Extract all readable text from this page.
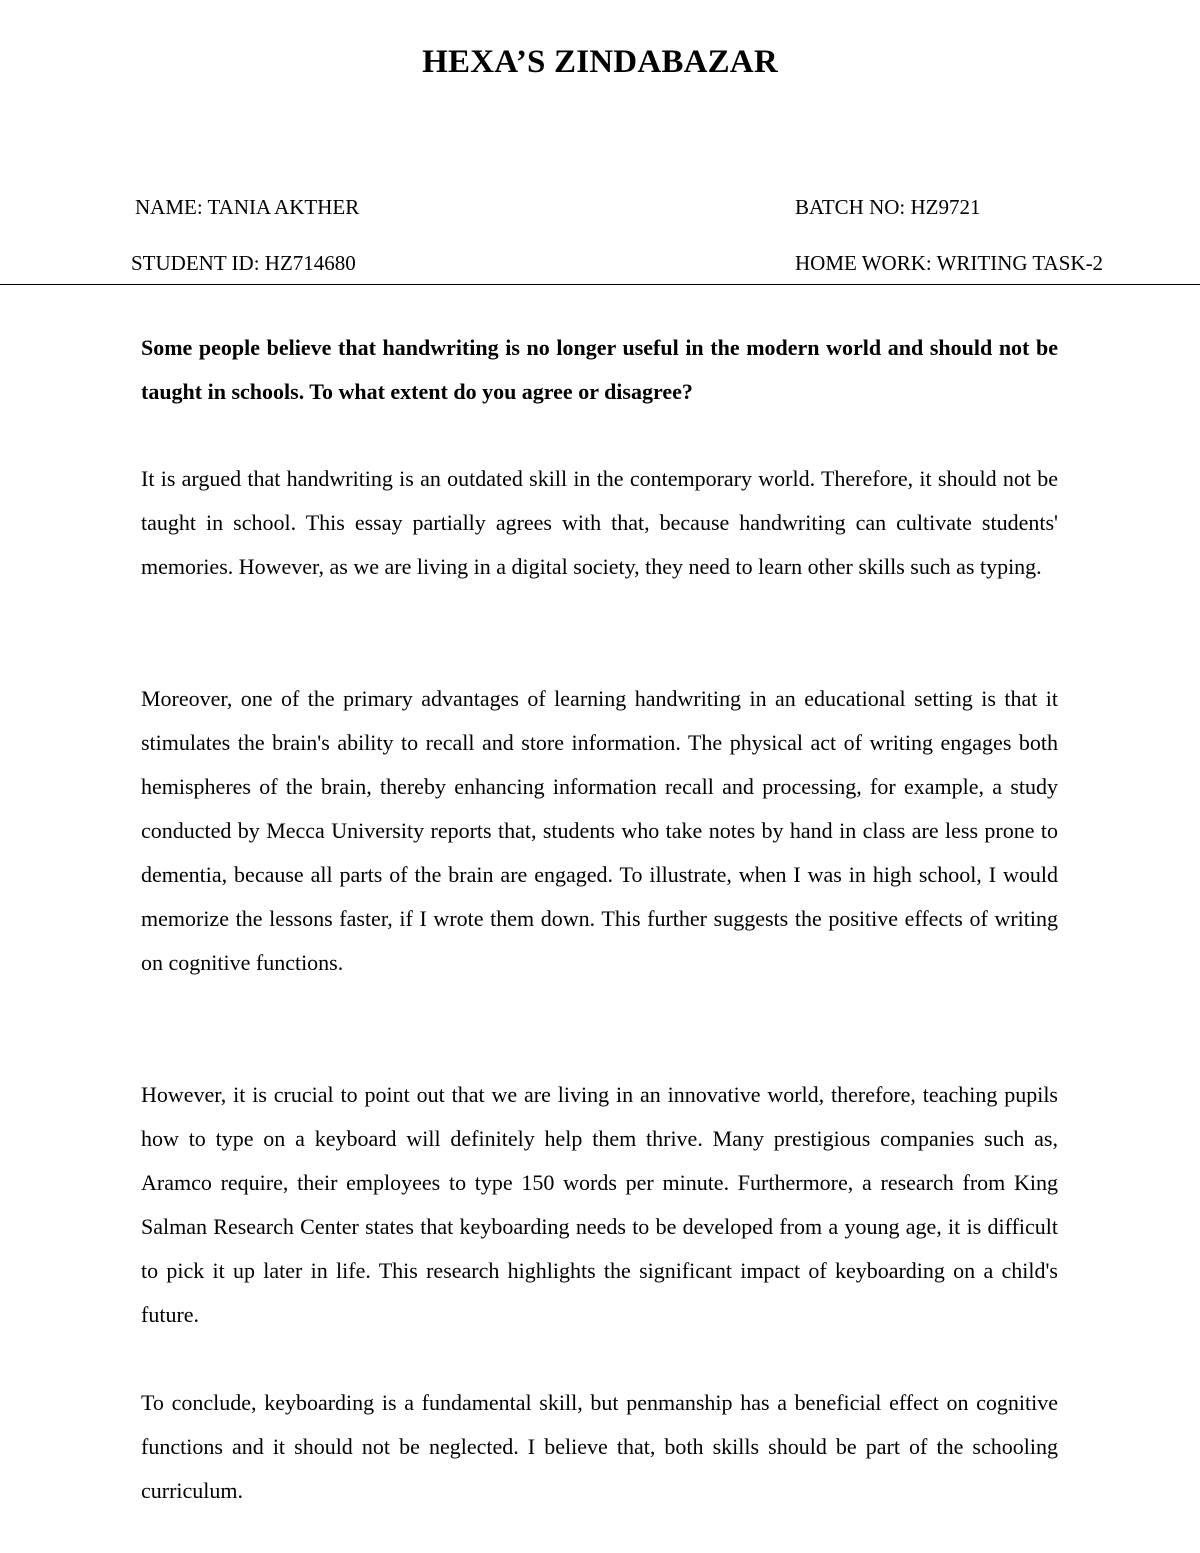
HEXA’S ZINDABAZAR
NAME: TANIA AKTHER	BATCH NO: HZ9721
STUDENT ID: HZ714680	HOME WORK: WRITING TASK-2
Some people believe that handwriting is no longer useful in the modern world and should not be taught in schools. To what extent do you agree or disagree?
It is argued that handwriting is an outdated skill in the contemporary world. Therefore, it should not be taught in school. This essay partially agrees with that, because handwriting can cultivate students' memories. However, as we are living in a digital society, they need to learn other skills such as typing.
Moreover, one of the primary advantages of learning handwriting in an educational setting is that it stimulates the brain's ability to recall and store information. The physical act of writing engages both hemispheres of the brain, thereby enhancing information recall and processing, for example, a study conducted by Mecca University reports that, students who take notes by hand in class are less prone to dementia, because all parts of the brain are engaged. To illustrate, when I was in high school, I would memorize the lessons faster, if I wrote them down. This further suggests the positive effects of writing on cognitive functions.
However, it is crucial to point out that we are living in an innovative world, therefore, teaching pupils how to type on a keyboard will definitely help them thrive. Many prestigious companies such as, Aramco require, their employees to type 150 words per minute. Furthermore, a research from King Salman Research Center states that keyboarding needs to be developed from a young age, it is difficult to pick it up later in life. This research highlights the significant impact of keyboarding on a child's future.
To conclude, keyboarding is a fundamental skill, but penmanship has a beneficial effect on cognitive functions and it should not be neglected. I believe that, both skills should be part of the schooling curriculum.
